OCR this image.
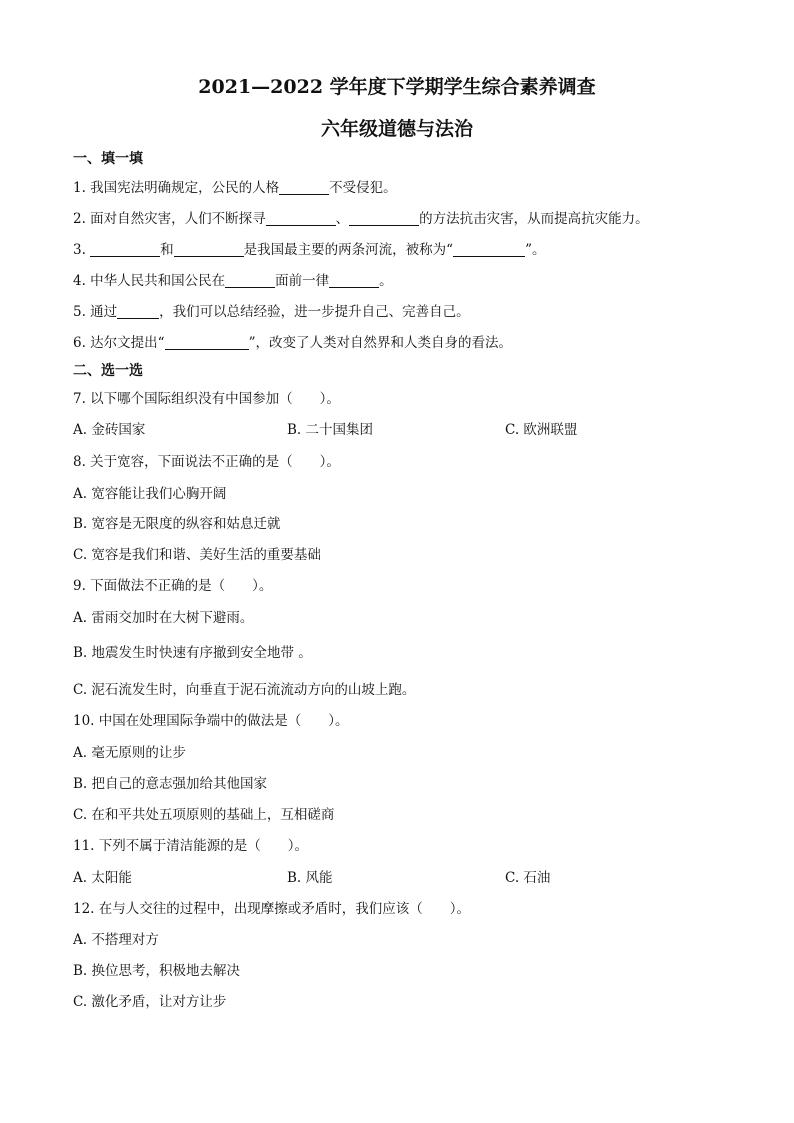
2021—2022 学年度下学期学生综合素养调查
六年级道德与法治
一、填一填
1. 我国宪法明确规定，公民的人格	不受侵犯。
2. 面对自然灾害，人们不断探寻	、	的方法抗击灾害，从而提高抗灾能力。
3.	和	是我国最主要的两条河流，被称为“	”。
4. 中华人民共和国公民在	面前一律	。
5. 通过	，我们可以总结经验，进一步提升自己、完善自己。
6. 达尔文提出“	”，改变了人类对自然界和人类自身的看法。
二、选一选
7. 以下哪个国际组织没有中国参加（　　）。
A. 金砖国家	B. 二十国集团	C. 欧洲联盟
8. 关于宽容，下面说法不正确的是（　　）。
A. 宽容能让我们心胸开阔
B. 宽容是无限度的纵容和姑息迁就
C. 宽容是我们和谐、美好生活的重要基础
9. 下面做法不正确的是（　　）。
A. 雷雨交加时在大树下避雨。
B. 地震发生时快速有序撤到安全地带 。
C. 泥石流发生时，向垂直于泥石流流动方向的山坡上跑。
10. 中国在处理国际争端中的做法是（　　）。
A. 毫无原则的让步
B. 把自己的意志强加给其他国家
C. 在和平共处五项原则的基础上，互相磋商
11. 下列不属于清洁能源的是（　　）。
A. 太阳能	B. 风能	C. 石油
12. 在与人交往的过程中，出现摩擦或矛盾时，我们应该（　　）。
A. 不搭理对方
B. 换位思考，积极地去解决
C. 激化矛盾，让对方让步
